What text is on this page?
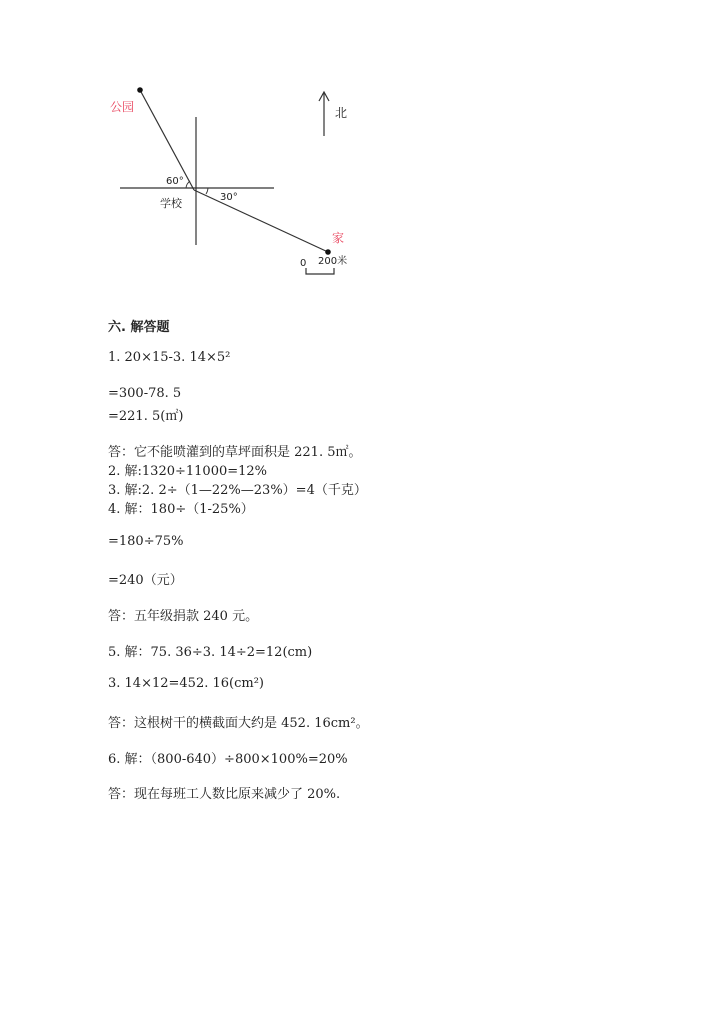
公园
学校
家
北
60°
30°
0 200米
六. 解答题
1. 20×15-3. 14×5²
=300-78. 5
=221. 5(㎡)
答：它不能喷灌到的草坪面积是 221. 5㎡。
2. 解:1320÷11000=12%
3. 解:2. 2÷（1—22%—23%）=4（千克）
4. 解：180÷（1-25%）
=180÷75%
=240（元）
答：五年级捐款 240 元。
5. 解：75. 36÷3. 14÷2=12(cm)
3. 14×12=452. 16(cm²)
答：这根树干的横截面大约是 452. 16cm²。
6. 解：（800-640）÷800×100%=20%
答：现在每班工人数比原来减少了 20%.
